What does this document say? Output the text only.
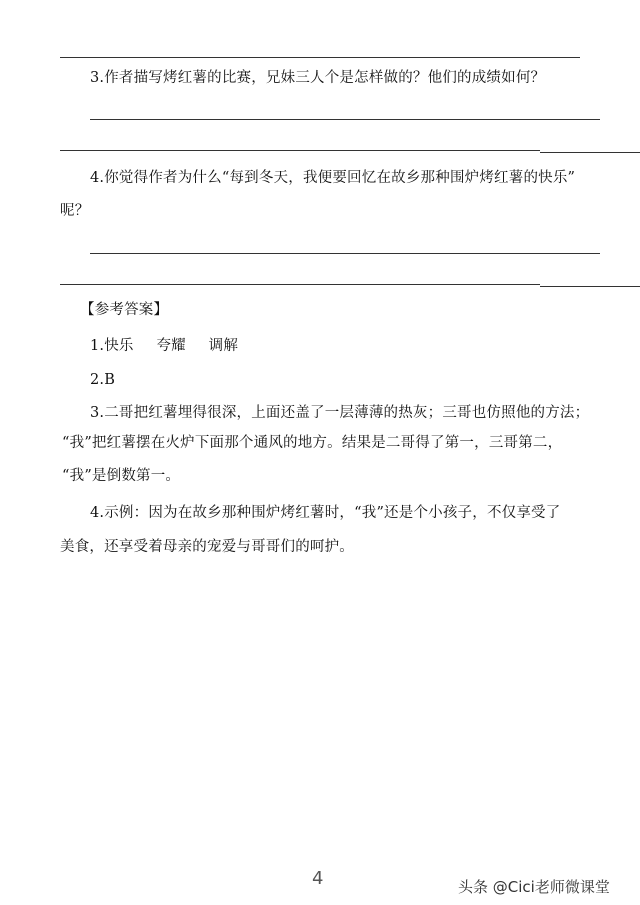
3.作者描写烤红薯的比赛，兄妹三人个是怎样做的？他们的成绩如何？
4.你觉得作者为什么“每到冬天，我便要回忆在故乡那种围炉烤红薯的快乐”
呢？
【参考答案】
1.快乐 夸耀 调解
2.B
3.二哥把红薯埋得很深，上面还盖了一层薄薄的热灰；三哥也仿照他的方法；
“我”把红薯摆在火炉下面那个通风的地方。结果是二哥得了第一，三哥第二，
“我”是倒数第一。
4.示例：因为在故乡那种围炉烤红薯时，“我”还是个小孩子，不仅享受了
美食，还享受着母亲的宠爱与哥哥们的呵护。
4	头条 @Cici老师微课堂
